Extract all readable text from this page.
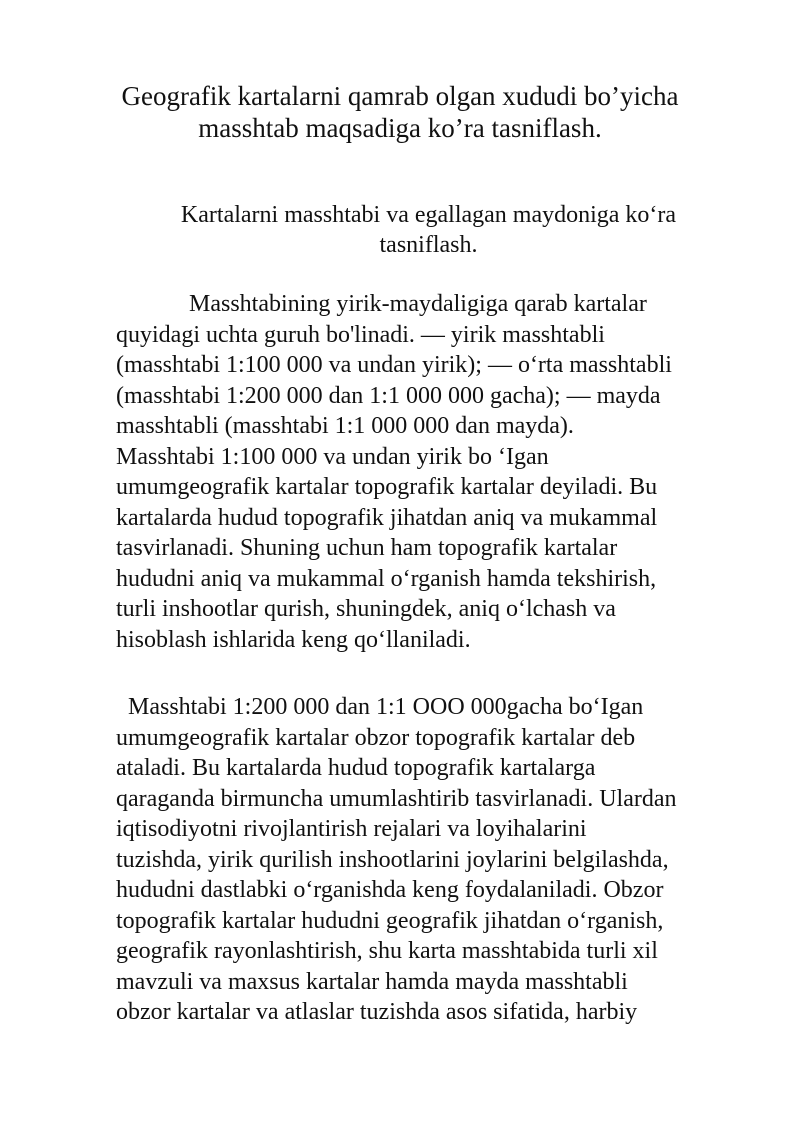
Geografik kartalarni qamrab olgan xududi bo’yicha
masshtab maqsadiga ko’ra tasniflash.
Kartalarni masshtabi va egallagan maydoniga koʻra
tasniflash.

Masshtabining yirik-maydaligiga qarab kartalar
quyidagi uchta guruh bo'linadi. — yirik masshtabli
(masshtabi 1:100 000 va undan yirik); — oʻrta masshtabli
(masshtabi 1:200 000 dan 1:1 000 000 gacha); — mayda
masshtabli (masshtabi 1:1 000 000 dan mayda).
Masshtabi 1:100 000 va undan yirik bo ‘Igan
umumgeografik kartalar topografik kartalar deyiladi. Bu
kartalarda hudud topografik jihatdan aniq va mukammal
tasvirlanadi. Shuning uchun ham topografik kartalar
hududni aniq va mukammal oʻrganish hamda tekshirish,
turli inshootlar qurish, shuningdek, aniq oʻlchash va
hisoblash ishlarida keng qoʻllaniladi.

Masshtabi 1:200 000 dan 1:1 OOO 000gacha boʻIgan
umumgeografik kartalar obzor topografik kartalar deb
ataladi. Bu kartalarda hudud topografik kartalarga
qaraganda birmuncha umumlashtirib tasvirlanadi. Ulardan
iqtisodiyotni rivojlantirish rejalari va loyihalarini
tuzishda, yirik qurilish inshootlarini joylarini belgilashda,
hududni dastlabki oʻrganishda keng foydalaniladi. Obzor
topografik kartalar hududni geografik jihatdan oʻrganish,
geografik rayonlashtirish, shu karta masshtabida turli xil
mavzuli va maxsus kartalar hamda mayda masshtabli
obzor kartalar va atlaslar tuzishda asos sifatida, harbiy
